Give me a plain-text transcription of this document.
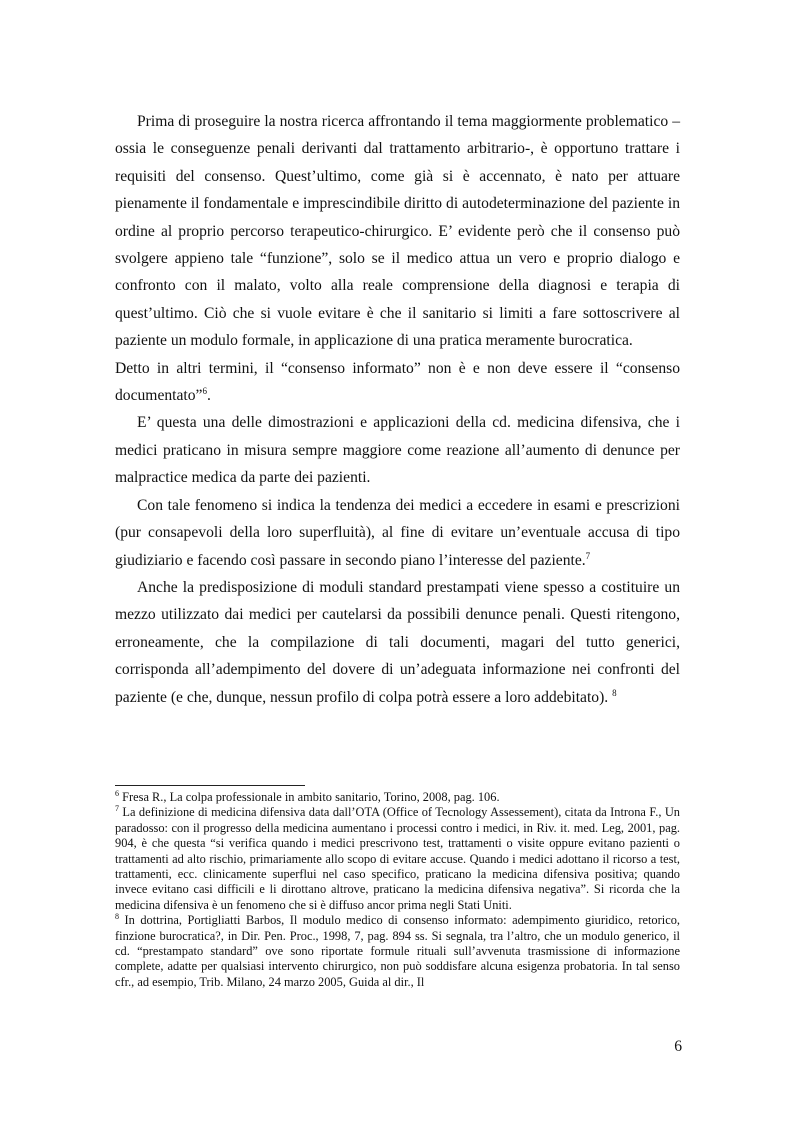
Prima di proseguire la nostra ricerca affrontando il tema maggiormente problematico –ossia le conseguenze penali derivanti dal trattamento arbitrario-, è opportuno trattare i requisiti del consenso. Quest’ultimo, come già si è accennato, è nato per attuare pienamente il fondamentale e imprescindibile diritto di autodeterminazione del paziente in ordine al proprio percorso terapeutico-chirurgico. E’ evidente però che il consenso può svolgere appieno tale “funzione”, solo se il medico attua un vero e proprio dialogo e confronto con il malato, volto alla reale comprensione della diagnosi e terapia di quest’ultimo. Ciò che si vuole evitare è che il sanitario si limiti a fare sottoscrivere al paziente un modulo formale, in applicazione di una pratica meramente burocratica.

Detto in altri termini, il “consenso informato” non è e non deve essere il “consenso documentato”$^6$.

E’ questa una delle dimostrazioni e applicazioni della cd. medicina difensiva, che i medici praticano in misura sempre maggiore come reazione all’aumento di denunce per malpractice medica da parte dei pazienti.

Con tale fenomeno si indica la tendenza dei medici a eccedere in esami e prescrizioni (pur consapevoli della loro superfluità), al fine di evitare un’eventuale accusa di tipo giudiziario e facendo così passare in secondo piano l’interesse del paziente.$^7$

Anche la predisposizione di moduli standard prestampati viene spesso a costituire un mezzo utilizzato dai medici per cautelarsi da possibili denunce penali. Questi ritengono, erroneamente, che la compilazione di tali documenti, magari del tutto generici, corrisponda all’adempimento del dovere di un’adeguata informazione nei confronti del paziente (e che, dunque, nessun profilo di colpa potrà essere a loro addebitato). $^8$

$^6$ Fresa R., La colpa professionale in ambito sanitario, Torino, 2008, pag. 106.

$^7$ La definizione di medicina difensiva data dall’OTA (Office of Tecnology Assessement), citata da Introna F., Un paradosso: con il progresso della medicina aumentano i processi contro i medici, in Riv. it. med. Leg, 2001, pag. 904, è che questa “si verifica quando i medici prescrivono test, trattamenti o visite oppure evitano pazienti o trattamenti ad alto rischio, primariamente allo scopo di evitare accuse. Quando i medici adottano il ricorso a test, trattamenti, ecc. clinicamente superflui nel caso specifico, praticano la medicina difensiva positiva; quando invece evitano casi difficili e li dirottano altrove, praticano la medicina difensiva negativa”. Si ricorda che la medicina difensiva è un fenomeno che si è diffuso ancor prima negli Stati Uniti.

$^8$ In dottrina, Portigliatti Barbos, Il modulo medico di consenso informato: adempimento giuridico, retorico, finzione burocratica?, in Dir. Pen. Proc., 1998, 7, pag. 894 ss. Si segnala, tra l’altro, che un modulo generico, il cd. “prestampato standard” ove sono riportate formule rituali sull’avvenuta trasmissione di informazione complete, adatte per qualsiasi intervento chirurgico, non può soddisfare alcuna esigenza probatoria. In tal senso cfr., ad esempio, Trib. Milano, 24 marzo 2005, Guida al dir., Il

6
